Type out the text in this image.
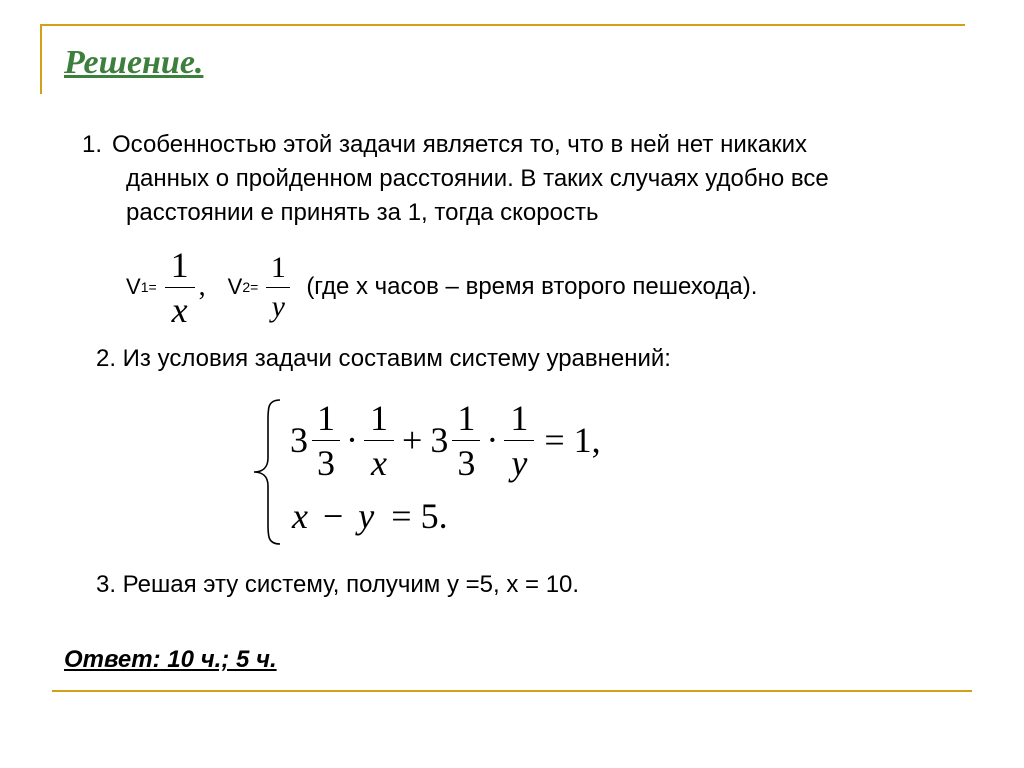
Решение.
1. Особенностью этой задачи является то, что в ней нет никаких
данных о пройденном расстоянии. В таких случаях удобно все
расстоянии е принять за 1, тогда скорость
V $1= \frac{1}{x}$ , V $2= \frac{1}{y} (где$ x часов – время второго пешехода).
2. Из условия задачи составим систему уравнений:
$3 \frac{1}{3} \cdot \frac{1}{x} + 3 \frac{1}{3} \cdot \frac{1}{y} = 1$,
x − y = 5.
3. Решая эту систему, получим y =5, x = 10.
Ответ: 10 ч.; 5 ч.
